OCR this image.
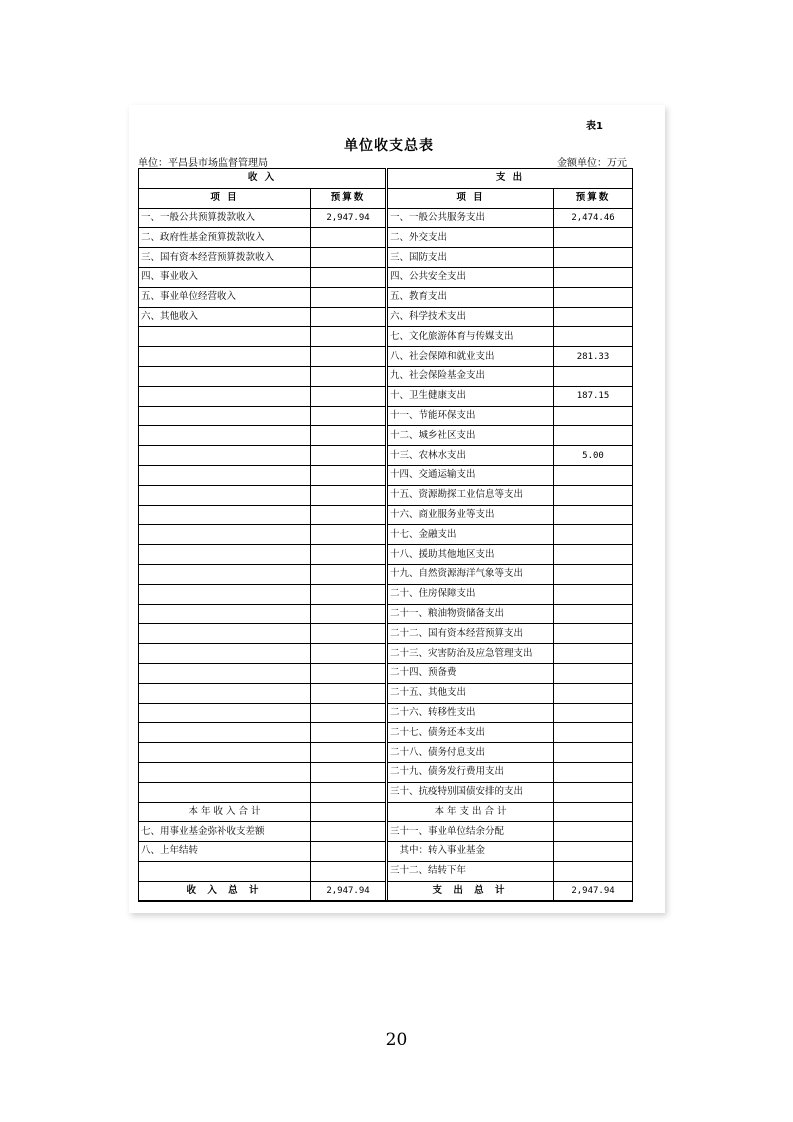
表1
单位收支总表
单位：平昌县市场监督管理局	金额单位：万元
收 入			支 出	
项 目	预算数		项 目	预算数
一、一般公共预算拨款收入	2,947.94		一、一般公共服务支出	2,474.46
二、政府性基金预算拨款收入			二、外交支出	
三、国有资本经营预算拨款收入			三、国防支出	
四、事业收入			四、公共安全支出	
五、事业单位经营收入			五、教育支出	
六、其他收入			六、科学技术支出	
			七、文化旅游体育与传媒支出	
			八、社会保障和就业支出	281.33
			九、社会保险基金支出	
			十、卫生健康支出	187.15
			十一、节能环保支出	
			十二、城乡社区支出	
			十三、农林水支出	5.00
			十四、交通运输支出	
			十五、资源勘探工业信息等支出	
			十六、商业服务业等支出	
			十七、金融支出	
			十八、援助其他地区支出	
			十九、自然资源海洋气象等支出	
			二十、住房保障支出	
			二十一、粮油物资储备支出	
			二十二、国有资本经营预算支出	
			二十三、灾害防治及应急管理支出	
			二十四、预备费	
			二十五、其他支出	
			二十六、转移性支出	
			二十七、债务还本支出	
			二十八、债务付息支出	
			二十九、债务发行费用支出	
			三十、抗疫特别国债安排的支出	
本 年 收 入 合 计			本 年 支 出 合 计	
七、用事业基金弥补收支差额			三十一、事业单位结余分配	
八、上年结转			　其中：转入事业基金	
			三十二、结转下年	
收 入 总 计	2,947.94		支 出 总 计	2,947.94
20
